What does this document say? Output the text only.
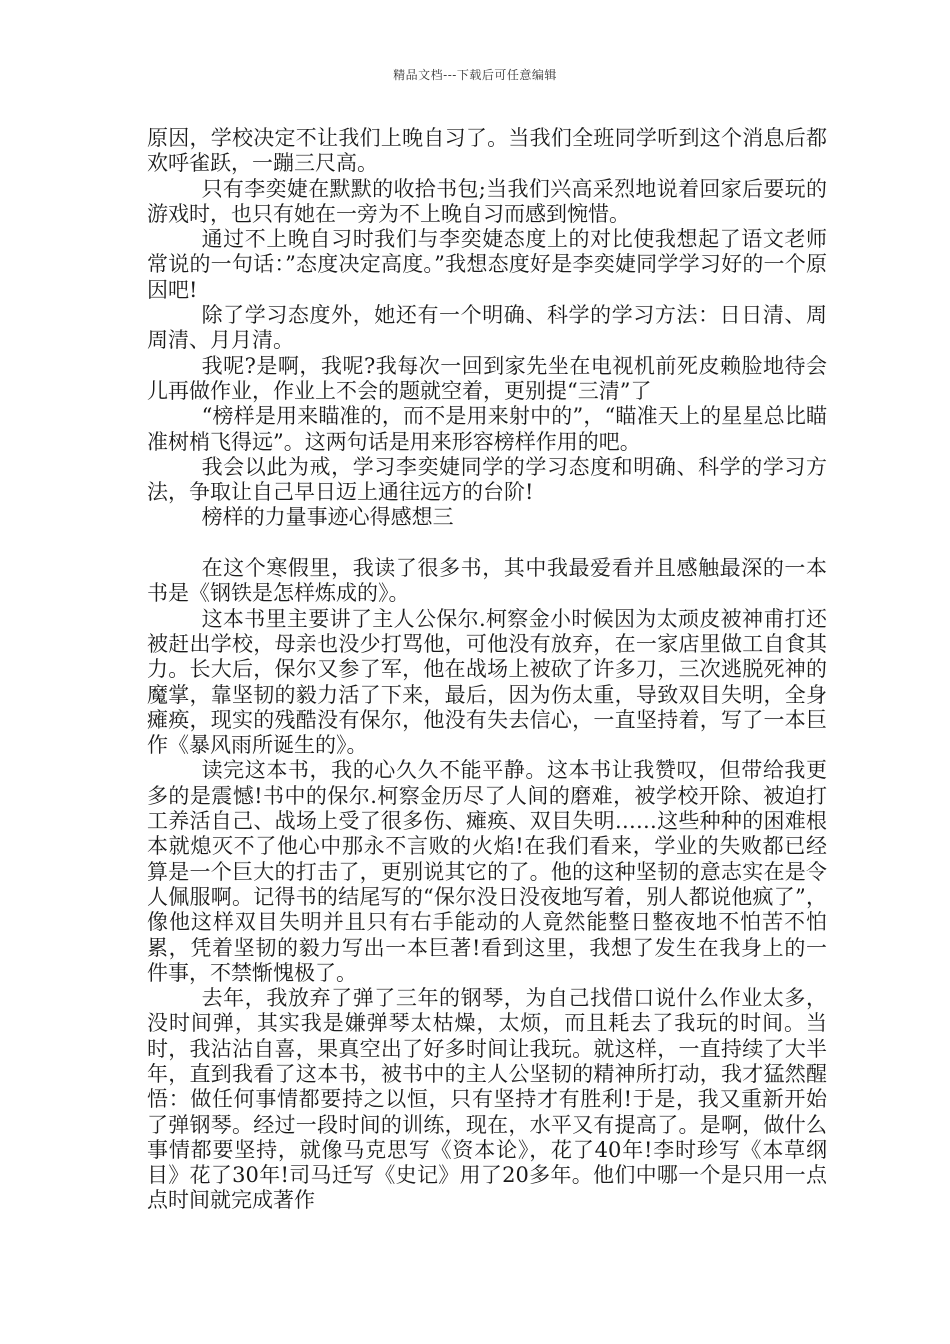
精品文档---下载后可任意编辑

原因，学校决定不让我们上晚自习了。当我们全班同学听到这个消息后都欢呼雀跃，一蹦三尺高。

只有李奕婕在默默的收拾书包;当我们兴高采烈地说着回家后要玩的游戏时，也只有她在一旁为不上晚自习而感到惋惜。

通过不上晚自习时我们与李奕婕态度上的对比使我想起了语文老师常说的一句话：”态度决定高度。”我想态度好是李奕婕同学学习好的一个原因吧!

除了学习态度外，她还有一个明确、科学的学习方法：日日清、周周清、月月清。

我呢?是啊，我呢?我每次一回到家先坐在电视机前死皮赖脸地待会儿再做作业，作业上不会的题就空着，更别提“三清”了

“榜样是用来瞄准的，而不是用来射中的”，“瞄准天上的星星总比瞄准树梢飞得远”。这两句话是用来形容榜样作用的吧。

我会以此为戒，学习李奕婕同学的学习态度和明确、科学的学习方法，争取让自己早日迈上通往远方的台阶!

榜样的力量事迹心得感想三

在这个寒假里，我读了很多书，其中我最爱看并且感触最深的一本书是《钢铁是怎样炼成的》。

这本书里主要讲了主人公保尔.柯察金小时候因为太顽皮被神甫打还被赶出学校，母亲也没少打骂他，可他没有放弃，在一家店里做工自食其力。长大后，保尔又参了军，他在战场上被砍了许多刀，三次逃脱死神的魔掌，靠坚韧的毅力活了下来，最后，因为伤太重，导致双目失明，全身瘫痪，现实的残酷没有保尔，他没有失去信心，一直坚持着，写了一本巨作《暴风雨所诞生的》。

读完这本书，我的心久久不能平静。这本书让我赞叹，但带给我更多的是震憾!书中的保尔.柯察金历尽了人间的磨难，被学校开除、被迫打工养活自己、战场上受了很多伤、瘫痪、双目失明……这些种种的困难根本就熄灭不了他心中那永不言败的火焰!在我们看来，学业的失败都已经算是一个巨大的打击了，更别说其它的了。他的这种坚韧的意志实在是令人佩服啊。记得书的结尾写的“保尔没日没夜地写着，别人都说他疯了”，像他这样双目失明并且只有右手能动的人竟然能整日整夜地不怕苦不怕累，凭着坚韧的毅力写出一本巨著!看到这里，我想了发生在我身上的一件事，不禁惭愧极了。

去年，我放弃了弹了三年的钢琴，为自己找借口说什么作业太多，没时间弹，其实我是嫌弹琴太枯燥，太烦，而且耗去了我玩的时间。当时，我沾沾自喜，果真空出了好多时间让我玩。就这样，一直持续了大半年，直到我看了这本书，被书中的主人公坚韧的精神所打动，我才猛然醒悟：做任何事情都要持之以恒，只有坚持才有胜利!于是，我又重新开始了弹钢琴。经过一段时间的训练，现在，水平又有提高了。是啊，做什么事情都要坚持，就像马克思写《资本论》，花了40年!李时珍写《本草纲目》花了30年!司马迁写《史记》用了20多年。他们中哪一个是只用一点点时间就完成著作
